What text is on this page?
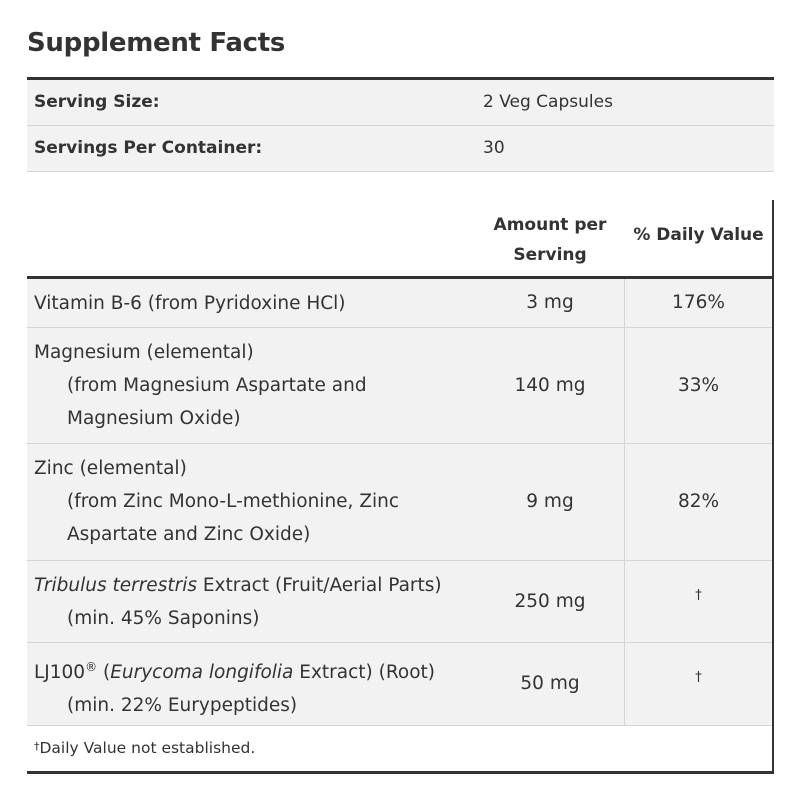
Supplement Facts
Serving Size:	2 Veg Capsules
Servings Per Container:	30
Amount per
Serving
% Daily Value
Vitamin B-6 (from Pyridoxine HCl)	3 mg	176%
Magnesium (elemental)
(from Magnesium Aspartate and
Magnesium Oxide)
140 mg	33%
Zinc (elemental)
(from Zinc Mono-L-methionine, Zinc
Aspartate and Zinc Oxide)
9 mg	82%
Tribulus terrestris Extract (Fruit/Aerial Parts)
(min. 45% Saponins)
250 mg	†
LJ100® (Eurycoma longifolia Extract) (Root)
(min. 22% Eurypeptides)
50 mg	†
†Daily Value not established.
